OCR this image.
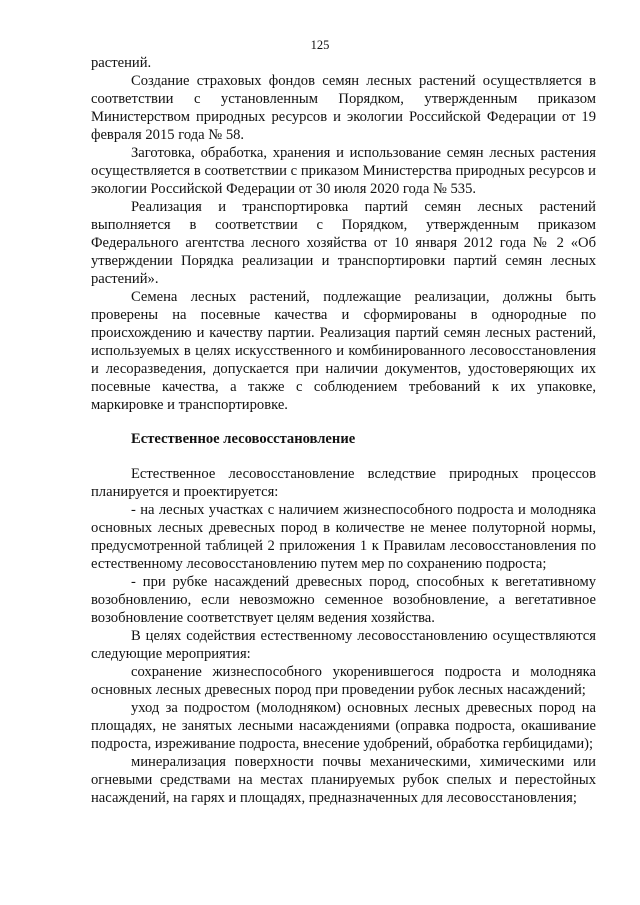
125

растений.

Создание страховых фондов семян лесных растений осуществляется в соответствии с установленным Порядком, утвержденным приказом Министерством природных ресурсов и экологии Российской Федерации от 19 февраля 2015 года № 58.

Заготовка, обработка, хранения и использование семян лесных растения осуществляется в соответствии с приказом Министерства природных ресурсов и экологии Российской Федерации от 30 июля 2020 года № 535.

Реализация и транспортировка партий семян лесных растений выполняется в соответствии с Порядком, утвержденным приказом Федерального агентства лесного хозяйства от 10 января 2012 года № 2 «Об утверждении Порядка реализации и транспортировки партий семян лесных растений».

Семена лесных растений, подлежащие реализации, должны быть проверены на посевные качества и сформированы в однородные по происхождению и качеству партии. Реализация партий семян лесных растений, используемых в целях искусственного и комбинированного лесовосстановления и лесоразведения, допускается при наличии документов, удостоверяющих их посевные качества, а также с соблюдением требований к их упаковке, маркировке и транспортировке.

Естественное лесовосстановление

Естественное лесовосстановление вследствие природных процессов планируется и проектируется:

- на лесных участках с наличием жизнеспособного подроста и молодняка основных лесных древесных пород в количестве не менее полуторной нормы, предусмотренной таблицей 2 приложения 1 к Правилам лесовосстановления по естественному лесовосстановлению путем мер по сохранению подроста;

- при рубке насаждений древесных пород, способных к вегетативному возобновлению, если невозможно семенное возобновление, а вегетативное возобновление соответствует целям ведения хозяйства.

В целях содействия естественному лесовосстановлению осуществляются следующие мероприятия:

сохранение жизнеспособного укоренившегося подроста и молодняка основных лесных древесных пород при проведении рубок лесных насаждений;

уход за подростом (молодняком) основных лесных древесных пород на площадях, не занятых лесными насаждениями (оправка подроста, окашивание подроста, изреживание подроста, внесение удобрений, обработка гербицидами);

минерализация поверхности почвы механическими, химическими или огневыми средствами на местах планируемых рубок спелых и перестойных насаждений, на гарях и площадях, предназначенных для лесовосстановления;
